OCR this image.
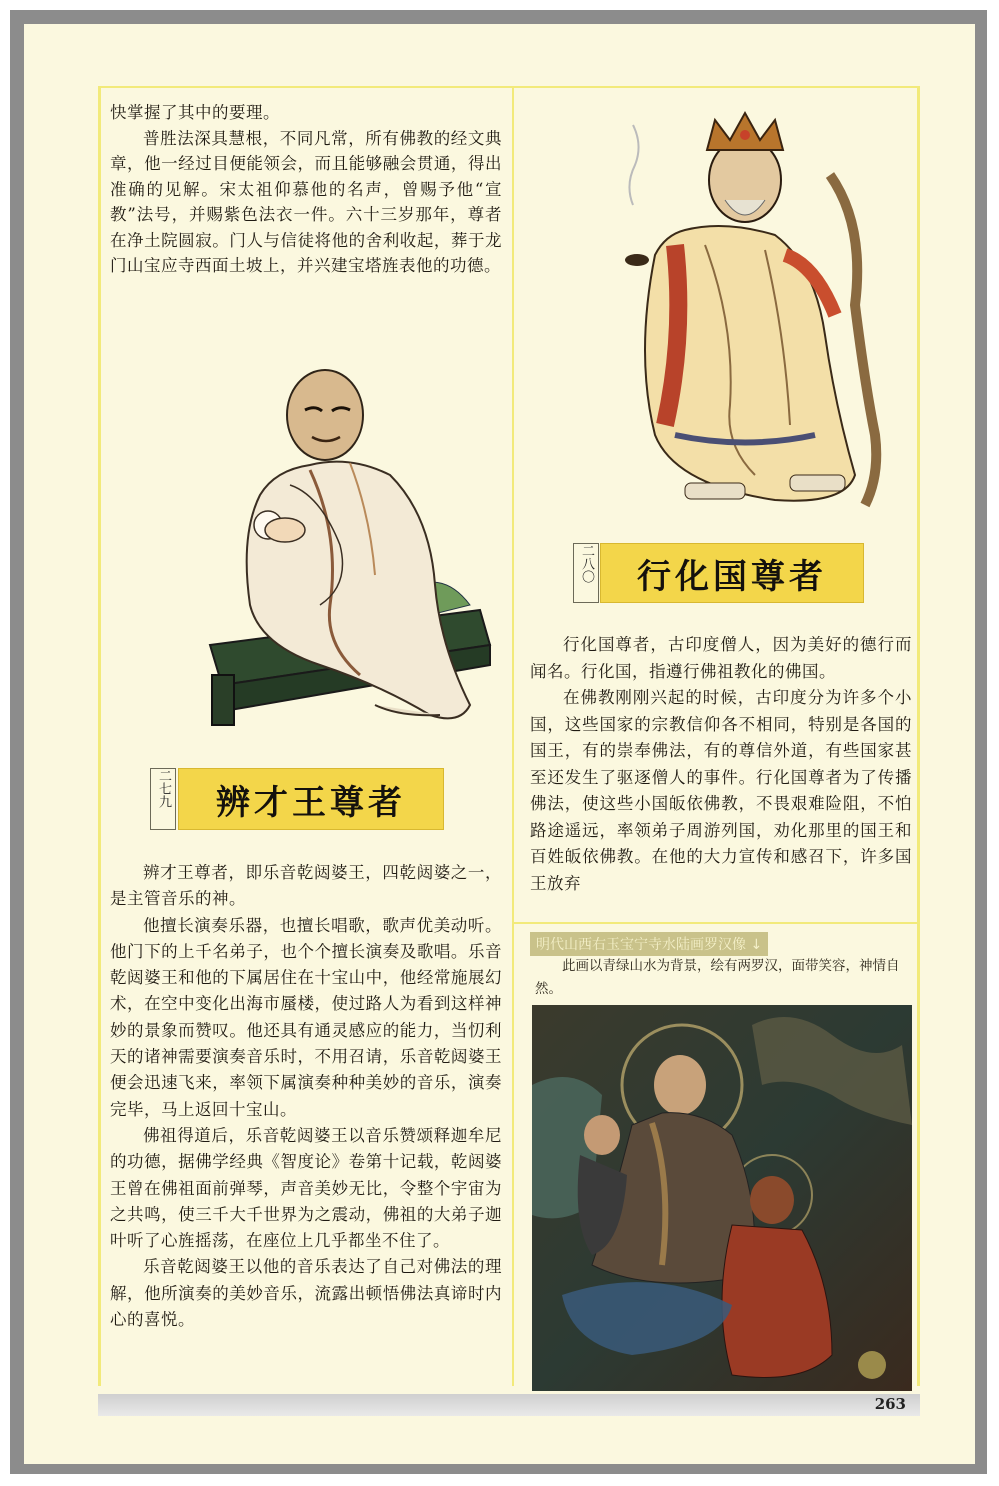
快掌握了其中的要理。

普胜法深具慧根，不同凡常，所有佛教的经文典章，他一经过目便能领会，而且能够融会贯通，得出准确的见解。宋太祖仰慕他的名声，曾赐予他“宣教”法号，并赐紫色法衣一件。六十三岁那年，尊者在净土院圆寂。门人与信徒将他的舍利收起，葬于龙门山宝应寺西面土坡上，并兴建宝塔旌表他的功德。

二七九 辨才王尊者

辨才王尊者，即乐音乾闼婆王，四乾闼婆之一，是主管音乐的神。

他擅长演奏乐器，也擅长唱歌，歌声优美动听。他门下的上千名弟子，也个个擅长演奏及歌唱。乐音乾闼婆王和他的下属居住在十宝山中，他经常施展幻术，在空中变化出海市蜃楼，使过路人为看到这样神妙的景象而赞叹。他还具有通灵感应的能力，当忉利天的诸神需要演奏音乐时，不用召请，乐音乾闼婆王便会迅速飞来，率领下属演奏种种美妙的音乐，演奏完毕，马上返回十宝山。

佛祖得道后，乐音乾闼婆王以音乐赞颂释迦牟尼的功德，据佛学经典《智度论》卷第十记载，乾闼婆王曾在佛祖面前弹琴，声音美妙无比，令整个宇宙为之共鸣，使三千大千世界为之震动，佛祖的大弟子迦叶听了心旌摇荡，在座位上几乎都坐不住了。

乐音乾闼婆王以他的音乐表达了自己对佛法的理解，他所演奏的美妙音乐，流露出顿悟佛法真谛时内心的喜悦。

二八〇 行化国尊者

行化国尊者，古印度僧人，因为美好的德行而闻名。行化国，指遵行佛祖教化的佛国。

在佛教刚刚兴起的时候，古印度分为许多个小国，这些国家的宗教信仰各不相同，特别是各国的国王，有的崇奉佛法，有的尊信外道，有些国家甚至还发生了驱逐僧人的事件。行化国尊者为了传播佛法，使这些小国皈依佛教，不畏艰难险阻，不怕路途遥远，率领弟子周游列国，劝化那里的国王和百姓皈依佛教。在他的大力宣传和感召下，许多国王放弃

明代山西右玉宝宁寺水陆画罗汉像 ↓
此画以青绿山水为背景，绘有两罗汉，面带笑容，神情自然。
263
